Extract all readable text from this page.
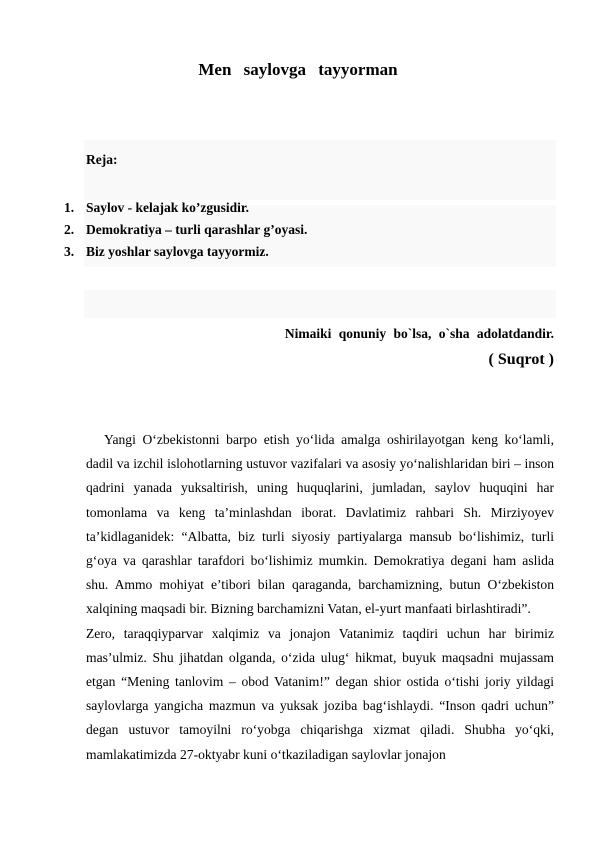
Men saylovga tayyorman
Reja:
1. Saylov - kelajak ko’zgusidir.
2. Demokratiya – turli qarashlar g’oyasi.
3. Biz yoshlar saylovga tayyormiz.
Nimaiki qonuniy bo`lsa, o`sha adolatdandir.
( Suqrot )

Yangi O‘zbekistonni barpo etish yo‘lida amalga oshirilayotgan keng ko‘lamli, dadil va izchil islohotlarning ustuvor vazifalari va asosiy yo‘nalishlaridan biri – inson qadrini yanada yuksaltirish, uning huquqlarini, jumladan, saylov huquqini har tomonlama va keng ta’minlashdan iborat. Davlatimiz rahbari Sh. Mirziyoyev ta’kidlaganidek: “Albatta, biz turli siyosiy partiyalarga mansub bo‘lishimiz, turli g‘oya va qarashlar tarafdori bo‘lishimiz mumkin. Demokratiya degani ham aslida shu. Ammo mohiyat e’tibori bilan qaraganda, barchamizning, butun O‘zbekiston xalqining maqsadi bir. Bizning barchamizni Vatan, el-yurt manfaati birlashtiradi”.

Zero, taraqqiyparvar xalqimiz va jonajon Vatanimiz taqdiri uchun har birimiz mas’ulmiz. Shu jihatdan olganda, o‘zida ulug‘ hikmat, buyuk maqsadni mujassam etgan “Mening tanlovim – obod Vatanim!” degan shior ostida o‘tishi joriy yildagi saylovlarga yangicha mazmun va yuksak joziba bag‘ishlaydi. “Inson qadri uchun” degan ustuvor tamoyilni ro‘yobga chiqarishga xizmat qiladi. Shubha yo‘qki, mamlakatimizda 27-oktyabr kuni o‘tkaziladigan saylovlar jonajon
